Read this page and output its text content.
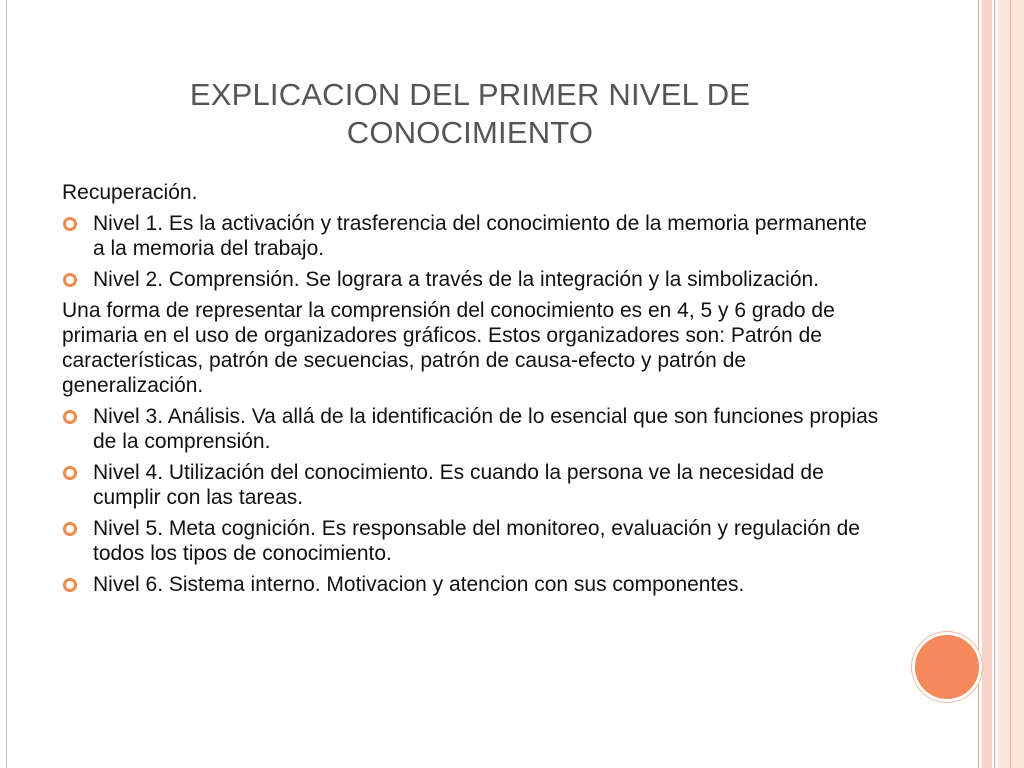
EXPLICACION DEL PRIMER NIVEL DE
CONOCIMIENTO
Recuperación.
Nivel 1. Es la activación y trasferencia del conocimiento de la memoria permanente a la memoria del trabajo.
Nivel 2. Comprensión. Se lograra a través de la integración y la simbolización.
Una forma de representar la comprensión del conocimiento es en 4, 5 y 6 grado de primaria en el uso de organizadores gráficos. Estos organizadores son: Patrón de características, patrón de secuencias, patrón de causa-efecto y patrón de generalización.
Nivel 3. Análisis. Va allá de la identificación de lo esencial que son funciones propias de la comprensión.
Nivel 4. Utilización del conocimiento. Es cuando la persona ve la necesidad de cumplir con las tareas.
Nivel 5. Meta cognición. Es responsable del monitoreo, evaluación y regulación de todos los tipos de conocimiento.
Nivel 6. Sistema interno. Motivacion y atencion con sus componentes.
